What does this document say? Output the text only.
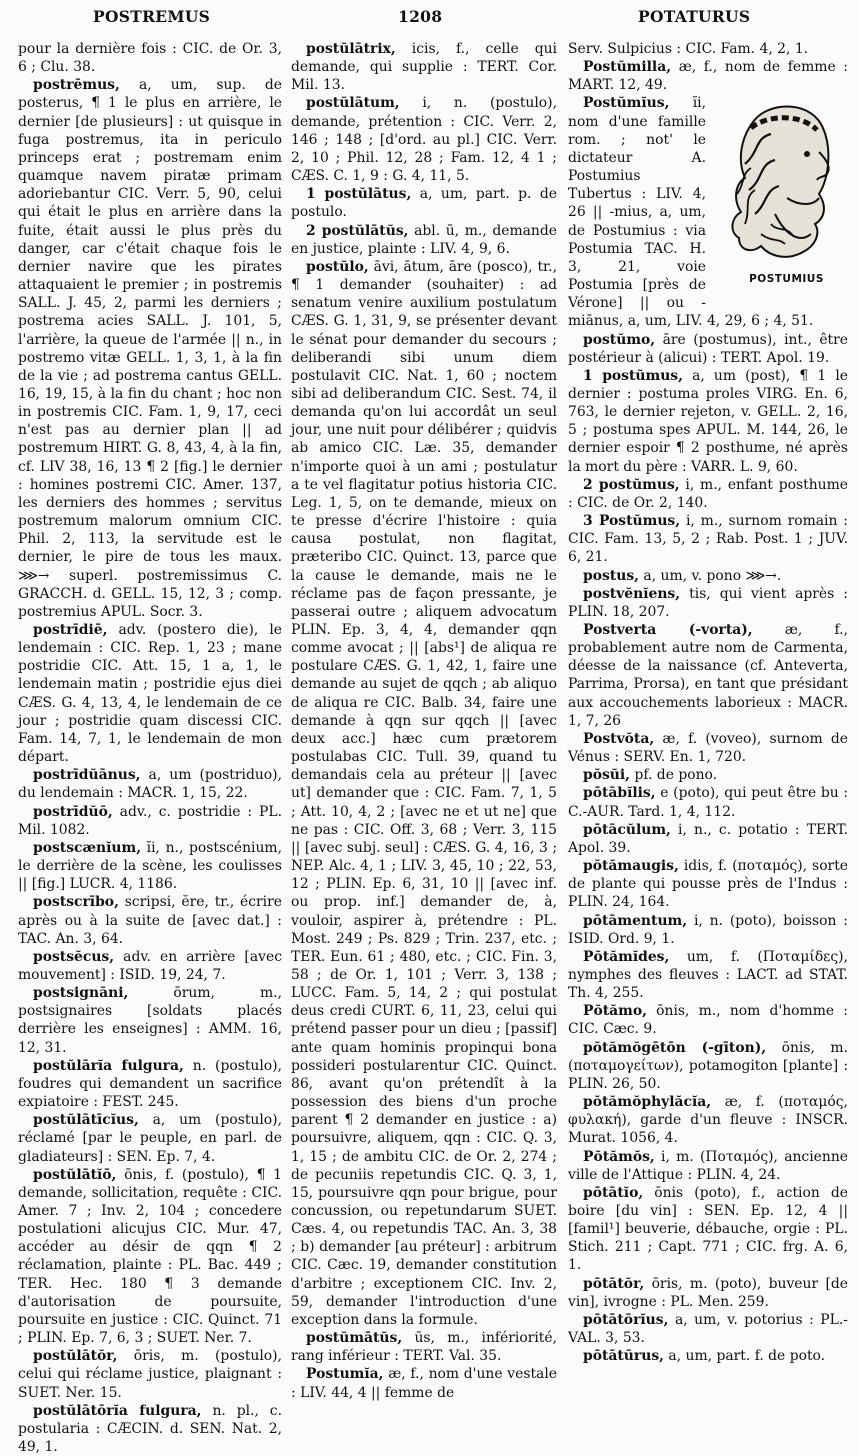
POSTREMUS	1208	POTATURUS

pour la dernière fois : CIC. de Or. 3, 6 ; Clu. 38.

postrēmus, a, um, sup. de posterus, ¶ 1 le plus en arrière, le dernier [de plusieurs] : ut quisque in fuga postremus, ita in periculo princeps erat ; postremam enim quamque navem piratæ primam adoriebantur CIC. Verr. 5, 90, celui qui était le plus en arrière dans la fuite, était aussi le plus près du danger, car c'était chaque fois le dernier navire que les pirates attaquaient le premier ; in postremis SALL. J. 45, 2, parmi les derniers ; postrema acies SALL. J. 101, 5, l'arrière, la queue de l'armée || n., in postremo vitæ GELL. 1, 3, 1, à la fin de la vie ; ad postrema cantus GELL. 16, 19, 15, à la fin du chant ; hoc non in postremis CIC. Fam. 1, 9, 17, ceci n'est pas au dernier plan || ad postremum HIRT. G. 8, 43, 4, à la fin, cf. LIV 38, 16, 13 ¶ 2 [fig.] le dernier : homines postremi CIC. Amer. 137, les derniers des hommes ; servitus postremum malorum omnium CIC. Phil. 2, 113, la servitude est le dernier, le pire de tous les maux. ⋙→ superl. postremissimus C. GRACCH. d. GELL. 15, 12, 3 ; comp. postremius APUL. Socr. 3.

postrīdiē, adv. (postero die), le lendemain : CIC. Rep. 1, 23 ; mane postridie CIC. Att. 15, 1 a, 1, le lendemain matin ; postridie ejus diei CÆS. G. 4, 13, 4, le lendemain de ce jour ; postridie quam discessi CIC. Fam. 14, 7, 1, le lendemain de mon départ.

postrīdŭānus, a, um (postriduo), du lendemain : MACR. 1, 15, 22.

postrīdŭō, adv., c. postridie : PL. Mil. 1082.

postscænĭum, ĭi, n., postscénium, le derrière de la scène, les coulisses || [fig.] LUCR. 4, 1186.

postscrībo, scripsi, ĕre, tr., écrire après ou à la suite de [avec dat.] : TAC. An. 3, 64.

postsĕcus, adv. en arrière [avec mouvement] : ISID. 19, 24, 7.

postsignāni,	ōrum, m., postsignaires [soldats placés derrière les enseignes] : AMM. 16, 12, 31.

postŭlārĭa fulgura, n. (postulo), foudres qui demandent un sacrifice expiatoire : FEST. 245.

postŭlātīcĭus, a, um (postulo), réclamé [par le peuple, en parl. de gladiateurs] : SEN. Ep. 7, 4.

postŭlātĭō, ōnis, f. (postulo), ¶ 1 demande, sollicitation, requête : CIC. Amer. 7 ; Inv. 2, 104 ; concedere postulationi alicujus CIC. Mur. 47, accéder au désir de qqn ¶ 2 réclamation, plainte : PL. Bac. 449 ; TER. Hec. 180 ¶ 3 demande d'autorisation de poursuite, poursuite en justice : CIC. Quinct. 71 ; PLIN. Ep. 7, 6, 3 ; SUET. Ner. 7.

postŭlātŏr, ōris, m. (postulo), celui qui réclame justice, plaignant : SUET. Ner. 15.

postŭlātōrĭa fulgura, n. pl., c. postularia : CÆCIN. d. SEN. Nat. 2, 49, 1.

postŭlātrix, icis, f., celle qui demande, qui supplie : TERT. Cor. Mil. 13.

postŭlātum, i, n. (postulo), demande, prétention : CIC. Verr. 2, 146 ; 148 ; [d'ord. au pl.] CIC. Verr. 2, 10 ; Phil. 12, 28 ; Fam. 12, 4 1 ; CÆS. C. 1, 9 : G. 4, 11, 5.

1 postŭlātus, a, um, part. p. de postulo.

2 postŭlātŭs, abl. ū, m., demande en justice, plainte : LIV. 4, 9, 6.

postŭlo, āvi, ātum, āre (posco), tr., ¶ 1 demander (souhaiter) : ad senatum venire auxilium postulatum CÆS. G. 1, 31, 9, se présenter devant le sénat pour demander du secours ; deliberandi sibi unum diem postulavit CIC. Nat. 1, 60 ; noctem sibi ad deliberandum CIC. Sest. 74, il demanda qu'on lui accordât un seul jour, une nuit pour délibérer ; quidvis ab amico CIC. Læ. 35, demander n'importe quoi à un ami ; postulatur a te vel flagitatur potius historia CIC. Leg. 1, 5, on te demande, mieux on te presse d'écrire l'histoire : quia causa postulat, non flagitat, præteribo CIC. Quinct. 13, parce que la cause le demande, mais ne le réclame pas de façon pressante, je passerai outre ; aliquem advocatum PLIN. Ep. 3, 4, 4, demander qqn comme avocat ; || [abs¹] de aliqua re postulare CÆS. G. 1, 42, 1, faire une demande au sujet de qqch ; ab aliquo de aliqua re CIC. Balb. 34, faire une demande à qqn sur qqch || [avec deux acc.] hæc cum prætorem postulabas CIC. Tull. 39, quand tu demandais cela au préteur || [avec ut] demander que : CIC. Fam. 7, 1, 5 ; Att. 10, 4, 2 ; [avec ne et ut ne] que ne pas : CIC. Off. 3, 68 ; Verr. 3, 115 || [avec subj. seul] : CÆS. G. 4, 16, 3 ; NEP. Alc. 4, 1 ; LIV. 3, 45, 10 ; 22, 53, 12 ; PLIN. Ep. 6, 31, 10 || [avec inf. ou prop. inf.] demander de, à, vouloir, aspirer à, prétendre : PL. Most. 249 ; Ps. 829 ; Trin. 237, etc. ; TER. Eun. 61 ; 480, etc. ; CIC. Fin. 3, 58 ; de Or. 1, 101 ; Verr. 3, 138 ; LUCC. Fam. 5, 14, 2 ; qui postulat deus credi CURT. 6, 11, 23, celui qui prétend passer pour un dieu ; [passif] ante quam hominis propinqui bona possideri postularentur CIC. Quinct. 86, avant qu'on prétendît à la possession des biens d'un proche parent ¶ 2 demander en justice : a) poursuivre, aliquem, qqn : CIC. Q. 3, 1, 15 ; de ambitu CIC. de Or. 2, 274 ; de pecuniis repetundis CIC. Q. 3, 1, 15, poursuivre qqn pour brigue, pour concussion, ou repetundarum SUET. Cæs. 4, ou repetundis TAC. An. 3, 38 ; b) demander [au préteur] : arbitrum CIC. Cæc. 19, demander constitution d'arbitre ; exceptionem CIC. Inv. 2, 59, demander l'introduction d'une exception dans la formule.

postŭmātŭs, ūs, m., infériorité, rang inférieur : TERT. Val. 35.

Postumĭa, æ, f., nom d'une vestale : LIV. 44, 4 || femme de

Serv. Sulpicius : CIC. Fam. 4, 2, 1.

Postŭmilla, æ, f., nom de femme : MART. 12, 49.

POSTUMIUS
Postŭmĭus, ĭi, nom d'une famille rom. ; not' le dictateur A. Postumius Tubertus : LIV. 4, 26 || -mius, a, um, de Postumius : via Postumia TAC. H. 3, 21, voie Postumia [près de Vérone] || ou -miānus, a, um, LIV. 4, 29, 6 ; 4, 51.

postŭmo, āre (postumus), int., être postérieur à (alicui) : TERT. Apol. 19.

1 postŭmus, a, um (post), ¶ 1 le dernier : postuma proles VIRG. En. 6, 763, le dernier rejeton, v. GELL. 2, 16, 5 ; postuma spes APUL. M. 144, 26, le dernier espoir ¶ 2 posthume, né après la mort du père : VARR. L. 9, 60.

2 postŭmus, i, m., enfant posthume : CIC. de Or. 2, 140.

3 Postŭmus, i, m., surnom romain : CIC. Fam. 13, 5, 2 ; Rab. Post. 1 ; JUV. 6, 21.

postus, a, um, v. pono ⋙→.

postvĕnĭens, tis, qui vient après : PLIN. 18, 207.

Postverta (-vorta), æ, f., probablement autre nom de Carmenta, déesse de la naissance (cf. Anteverta, Parrima, Prorsa), en tant que présidant aux accouchements laborieux : MACR. 1, 7, 26

Postvŏta, æ, f. (voveo), surnom de Vénus : SERV. En. 1, 720.

pŏsŭi, pf. de pono.

pōtābĭlis, e (poto), qui peut être bu : C.-AUR. Tard. 1, 4, 112.

pōtācŭlum, i, n., c. potatio : TERT. Apol. 39.

pŏtămaugis, idis, f. (ποταμός), sorte de plante qui pousse près de l'Indus : PLIN. 24, 164.

pōtāmentum, i, n. (poto), boisson : ISID. Ord. 9, 1.

Pŏtămĭdes, um, f. (Ποταμίδες), nymphes des fleuves : LACT. ad STAT. Th. 4, 255.

Pŏtămo, ōnis, m., nom d'homme : CIC. Cæc. 9.

pŏtămŏgētōn (-gīton), ōnis, m. (ποταμογείτων), potamogiton [plante] : PLIN. 26, 50.

pŏtămŏphylăcĭa, æ, f. (ποταμός, φυλακή), garde d'un fleuve : INSCR. Murat. 1056, 4.

Pŏtămŏs, i, m. (Ποταμός), ancienne ville de l'Attique : PLIN. 4, 24.

pōtātĭo, ōnis (poto), f., action de boire [du vin] : SEN. Ep. 12, 4 || [famil¹] beuverie, débauche, orgie : PL. Stich. 211 ; Capt. 771 ; CIC. frg. A. 6, 1.

pōtātŏr, ōris, m. (poto), buveur [de vin], ivrogne : PL. Men. 259.

pōtātōrĭus, a, um, v. potorius : PL.-VAL. 3, 53.

pōtātūrus, a, um, part. f. de poto.
